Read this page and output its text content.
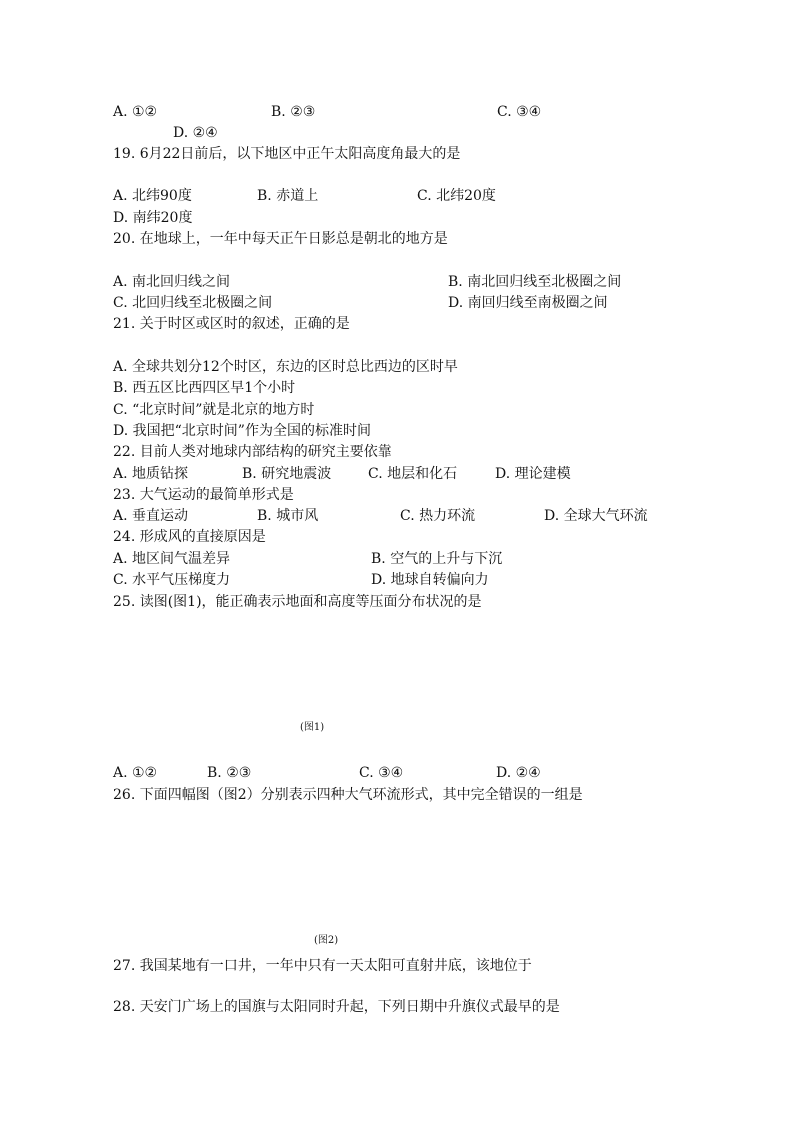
A. ①②	B. ②③	C. ③④
D. ②④
19. 6月22日前后，以下地区中正午太阳高度角最大的是
A. 北纬90度	B. 赤道上	C. 北纬20度
D. 南纬20度
20. 在地球上，一年中每天正午日影总是朝北的地方是
A. 南北回归线之间	B. 南北回归线至北极圈之间
C. 北回归线至北极圈之间	D. 南回归线至南极圈之间
21. 关于时区或区时的叙述，正确的是
A. 全球共划分12个时区，东边的区时总比西边的区时早
B. 西五区比西四区早1个小时
C. “北京时间”就是北京的地方时
D. 我国把“北京时间”作为全国的标准时间
22. 目前人类对地球内部结构的研究主要依靠
A. 地质钻探	B. 研究地震波	C. 地层和化石	D. 理论建模
23. 大气运动的最简单形式是
A. 垂直运动	B. 城市风	C. 热力环流	D. 全球大气环流
24. 形成风的直接原因是
A. 地区间气温差异	B. 空气的上升与下沉
C. 水平气压梯度力	D. 地球自转偏向力
25. 读图(图1)，能正确表示地面和高度等压面分布状况的是
(图1)
A. ①②	B. ②③	C. ③④	D. ②④
26. 下面四幅图（图2）分别表示四种大气环流形式，其中完全错误的一组是
(图2)
27. 我国某地有一口井，一年中只有一天太阳可直射井底，该地位于
28. 天安门广场上的国旗与太阳同时升起，下列日期中升旗仪式最早的是
